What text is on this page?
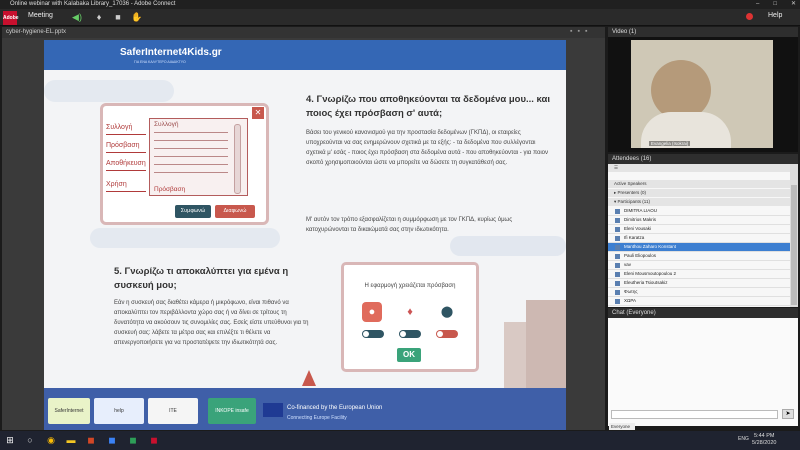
Online webinar with Kalabaka Library_17036 - Adobe Connect	– □ ✕
Adobe Meeting ◀)	♦	■	✋	Help
cyber-hygiene-EL.pptx	▪▪▪
SaferInternet4Kids.gr
ΓΙΑ ΕΝΑ ΚΑΛΥΤΕΡΟ ΔΙΑΔΙΚΤΥΟ
✕
Συλλογή
Πρόσβαση
Αποθήκευση
Χρήση
Συλλογή
Πρόσβαση
Συμφωνώ	Διαφωνώ
4. Γνωρίζω που αποθηκεύονται τα δεδομένα μου... και ποιος έχει πρόσβαση σ' αυτά;
Βάσει του γενικού κανονισμού για την προστασία δεδομένων (ΓΚΠΔ), οι εταιρείες υποχρεούνται να σας ενημερώνουν σχετικά με τα εξής: - τα δεδομένα που συλλέγονται σχετικά μ' εσάς - ποιος έχει πρόσβαση στα δεδομένα αυτά - που αποθηκεύονται - για ποιον σκοπό χρησιμοποιούνται ώστε να μπορείτε να δώσετε τη συγκατάθεσή σας.
Μ' αυτόν τον τρόπο εξασφαλίζεται η συμμόρφωση με τον ΓΚΠΔ, κυρίως όμως κατοχυρώνονται τα δικαιώματά σας στην ιδιωτικότητα.
5. Γνωρίζω τι αποκαλύπτει για εμένα η συσκευή μου;
Εάν η συσκευή σας διαθέτει κάμερα ή μικρόφωνο, είναι πιθανό να αποκαλύπτει τον περιβάλλοντα χώρο σας ή να δίνει σε τρίτους τη δυνατότητα να ακούσουν τις συνομιλίες σας. Εσείς είστε υπεύθυνοι για τη συσκευή σας: λάβετε τα μέτρα σας και επιλέξτε τι θέλετε να απενεργοποιήσετε για να προστατέψετε την ιδιωτικότητά σας.
Η εφαρμογή χρειάζεται πρόσβαση
●	♦	⬤
OK
SaferInternet	help	ΙΤΕ	ΙΝΚΟΡΕ insafe	Co-financed by the European Union
Connecting Europe Facility
Video (1)
Evangelia (Isokrai)
Attendees (16)
☰
Active Speakers
▸ Presenters (0)
▾ Participants (11)
DIMITRA LIAOU
Dimitrios Makris
Eleni Vousaki
Ifi Karatza
Manthou Zaharo Konstant
Pauli Eliopoulos
vav
Eleni Mousmoutopoulou 2
Eleutheria Tsioutsakiz
Φωτης
ΧΩΡΑ
Chat (Everyone)
➤
Everyone
⊞	○	◉ ▬ ◼ ◼ ◼ ◼	ENG 5:44 PM
5/28/2020
